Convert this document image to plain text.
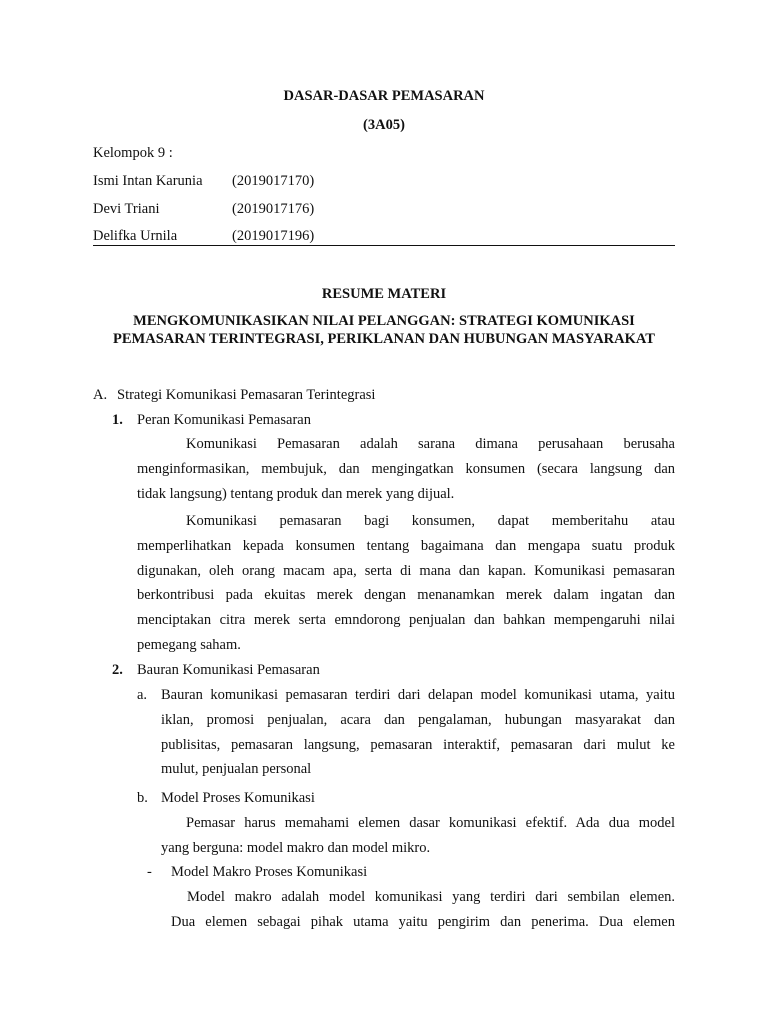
DASAR-DASAR PEMASARAN
(3A05)
Kelompok 9 :
Ismi Intan Karunia (2019017170)
Devi Triani	(2019017176)
Delifka Urnila	(2019017196)
RESUME MATERI
MENGKOMUNIKASIKAN NILAI PELANGGAN: STRATEGI KOMUNIKASI
PEMASARAN TERINTEGRASI, PERIKLANAN DAN HUBUNGAN MASYARAKAT
A. Strategi Komunikasi Pemasaran Terintegrasi
1. Peran Komunikasi Pemasaran
Komunikasi Pemasaran adalah sarana dimana perusahaan berusaha
menginformasikan, membujuk, dan mengingatkan konsumen (secara langsung dan
tidak langsung) tentang produk dan merek yang dijual.
Komunikasi pemasaran bagi konsumen, dapat memberitahu atau
memperlihatkan kepada konsumen tentang bagaimana dan mengapa suatu produk
digunakan, oleh orang macam apa, serta di mana dan kapan. Komunikasi pemasaran
berkontribusi pada ekuitas merek dengan menanamkan merek dalam ingatan dan
menciptakan citra merek serta emndorong penjualan dan bahkan mempengaruhi nilai
pemegang saham.
2. Bauran Komunikasi Pemasaran
a. Bauran komunikasi pemasaran terdiri dari delapan model komunikasi utama, yaitu
iklan, promosi penjualan, acara dan pengalaman, hubungan masyarakat dan
publisitas, pemasaran langsung, pemasaran interaktif, pemasaran dari mulut ke
mulut, penjualan personal
b. Model Proses Komunikasi
Pemasar harus memahami elemen dasar komunikasi efektif. Ada dua model
yang berguna: model makro dan model mikro.
- Model Makro Proses Komunikasi
Model makro adalah model komunikasi yang terdiri dari sembilan elemen.
Dua elemen sebagai pihak utama yaitu pengirim dan penerima. Dua elemen
